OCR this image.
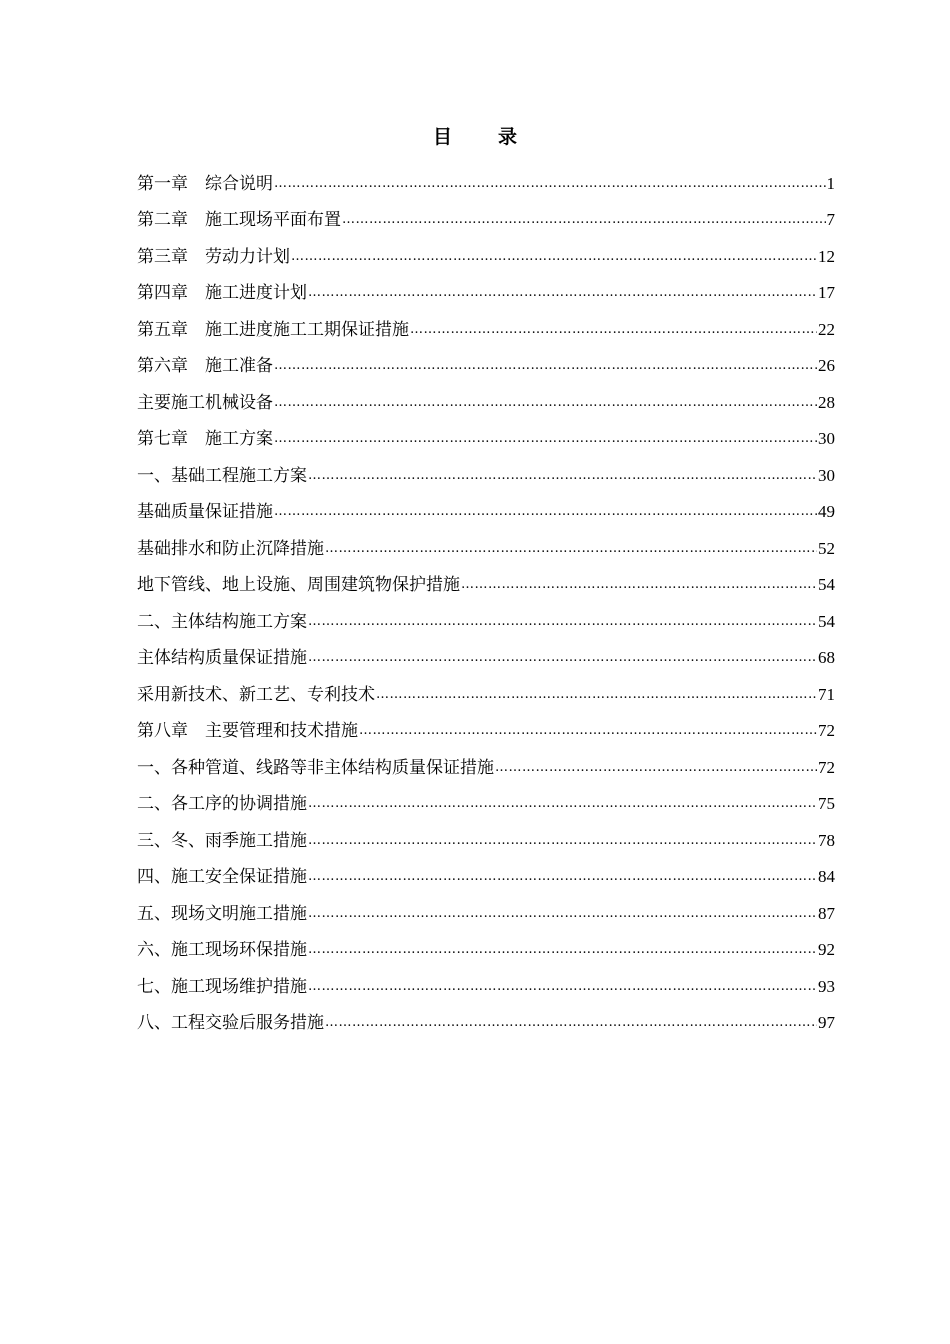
目 录
第一章　综合说明 …………………………………………………………………………………………………………………………………………………………………………………………………………	1
第二章　施工现场平面布置 …………………………………………………………………………………………………………………………………………………………………………………………………………	7
第三章　劳动力计划 …………………………………………………………………………………………………………………………………………………………………………………………………………	12
第四章　施工进度计划 …………………………………………………………………………………………………………………………………………………………………………………………………………	17
第五章　施工进度施工工期保证措施 …………………………………………………………………………………………………………………………………………………………………………………………………………	22
第六章　施工准备 …………………………………………………………………………………………………………………………………………………………………………………………………………	26
主要施工机械设备 …………………………………………………………………………………………………………………………………………………………………………………………………………	28
第七章　施工方案 …………………………………………………………………………………………………………………………………………………………………………………………………………	30
一、基础工程施工方案 …………………………………………………………………………………………………………………………………………………………………………………………………………	30
基础质量保证措施 …………………………………………………………………………………………………………………………………………………………………………………………………………	49
基础排水和防止沉降措施 …………………………………………………………………………………………………………………………………………………………………………………………………………	52
地下管线、地上设施、周围建筑物保护措施 …………………………………………………………………………………………………………………………………………………………………………………………………………	54
二、主体结构施工方案 …………………………………………………………………………………………………………………………………………………………………………………………………………	54
主体结构质量保证措施 …………………………………………………………………………………………………………………………………………………………………………………………………………	68
采用新技术、新工艺、专利技术 …………………………………………………………………………………………………………………………………………………………………………………………………………	71
第八章　主要管理和技术措施 …………………………………………………………………………………………………………………………………………………………………………………………………………	72
一、各种管道、线路等非主体结构质量保证措施 …………………………………………………………………………………………………………………………………………………………………………………………………………	72
二、各工序的协调措施 …………………………………………………………………………………………………………………………………………………………………………………………………………	75
三、冬、雨季施工措施 …………………………………………………………………………………………………………………………………………………………………………………………………………	78
四、施工安全保证措施 …………………………………………………………………………………………………………………………………………………………………………………………………………	84
五、现场文明施工措施 …………………………………………………………………………………………………………………………………………………………………………………………………………	87
六、施工现场环保措施 …………………………………………………………………………………………………………………………………………………………………………………………………………	92
七、施工现场维护措施 …………………………………………………………………………………………………………………………………………………………………………………………………………	93
八、工程交验后服务措施 …………………………………………………………………………………………………………………………………………………………………………………………………………	97
